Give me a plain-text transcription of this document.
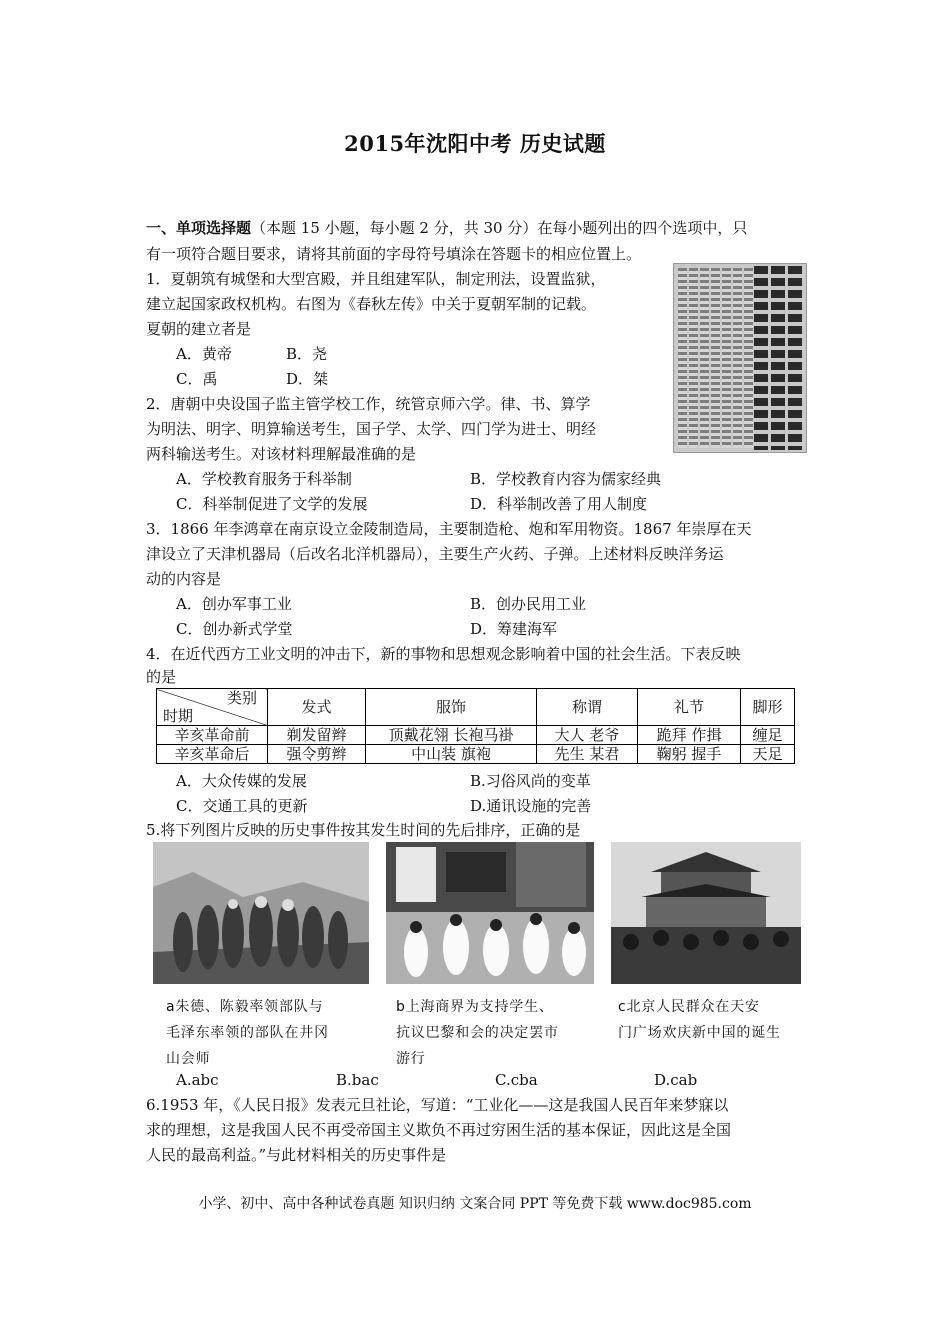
2015年沈阳中考 历史试题
一、单项选择题（本题 15 小题，每小题 2 分，共 30 分）在每小题列出的四个选项中，只
有一项符合题目要求，请将其前面的字母符号填涂在答题卡的相应位置上。
1．夏朝筑有城堡和大型宫殿，并且组建军队，制定刑法，设置监狱，
建立起国家政权机构。右图为《春秋左传》中关于夏朝军制的记载。
夏朝的建立者是
A．黄帝	B．尧
C．禹	D．桀
2．唐朝中央设国子监主管学校工作，统管京师六学。律、书、算学
为明法、明字、明算输送考生，国子学、太学、四门学为进士、明经
两科输送考生。对该材料理解最准确的是
A．学校教育服务于科举制	B．学校教育内容为儒家经典
C．科举制促进了文学的发展	D．科举制改善了用人制度
3．1866 年李鸿章在南京设立金陵制造局，主要制造枪、炮和军用物资。1867 年崇厚在天
津设立了天津机器局（后改名北洋机器局），主要生产火药、子弹。上述材料反映洋务运
动的内容是
A．创办军事工业	B．创办民用工业
C．创办新式学堂	D．筹建海军
4．在近代西方工业文明的冲击下，新的事物和思想观念影响着中国的社会生活。下表反映
的是
类别
时期	发式	服饰	称谓	礼节	脚形
辛亥革命前	剃发留辫	顶戴花翎 长袍马褂	大人 老爷	跪拜 作揖	缠足
辛亥革命后	强令剪辫	中山装 旗袍	先生 某君	鞠躬 握手	天足
A．大众传媒的发展	B.习俗风尚的变革
C．交通工具的更新	D.通讯设施的完善
5.将下列图片反映的历史事件按其发生时间的先后排序，正确的是
a朱德、陈毅率领部队与
毛泽东率领的部队在井冈
山会师
b上海商界为支持学生、
抗议巴黎和会的决定罢市
游行
c北京人民群众在天安
门广场欢庆新中国的诞生
A.abc	B.bac	C.cba	D.cab
6.1953 年，《人民日报》发表元旦社论，写道：“工业化——这是我国人民百年来梦寐以
求的理想，这是我国人民不再受帝国主义欺负不再过穷困生活的基本保证，因此这是全国
人民的最高利益。”与此材料相关的历史事件是
小学、初中、高中各种试卷真题 知识归纳 文案合同 PPT 等免费下载 www.doc985.com
